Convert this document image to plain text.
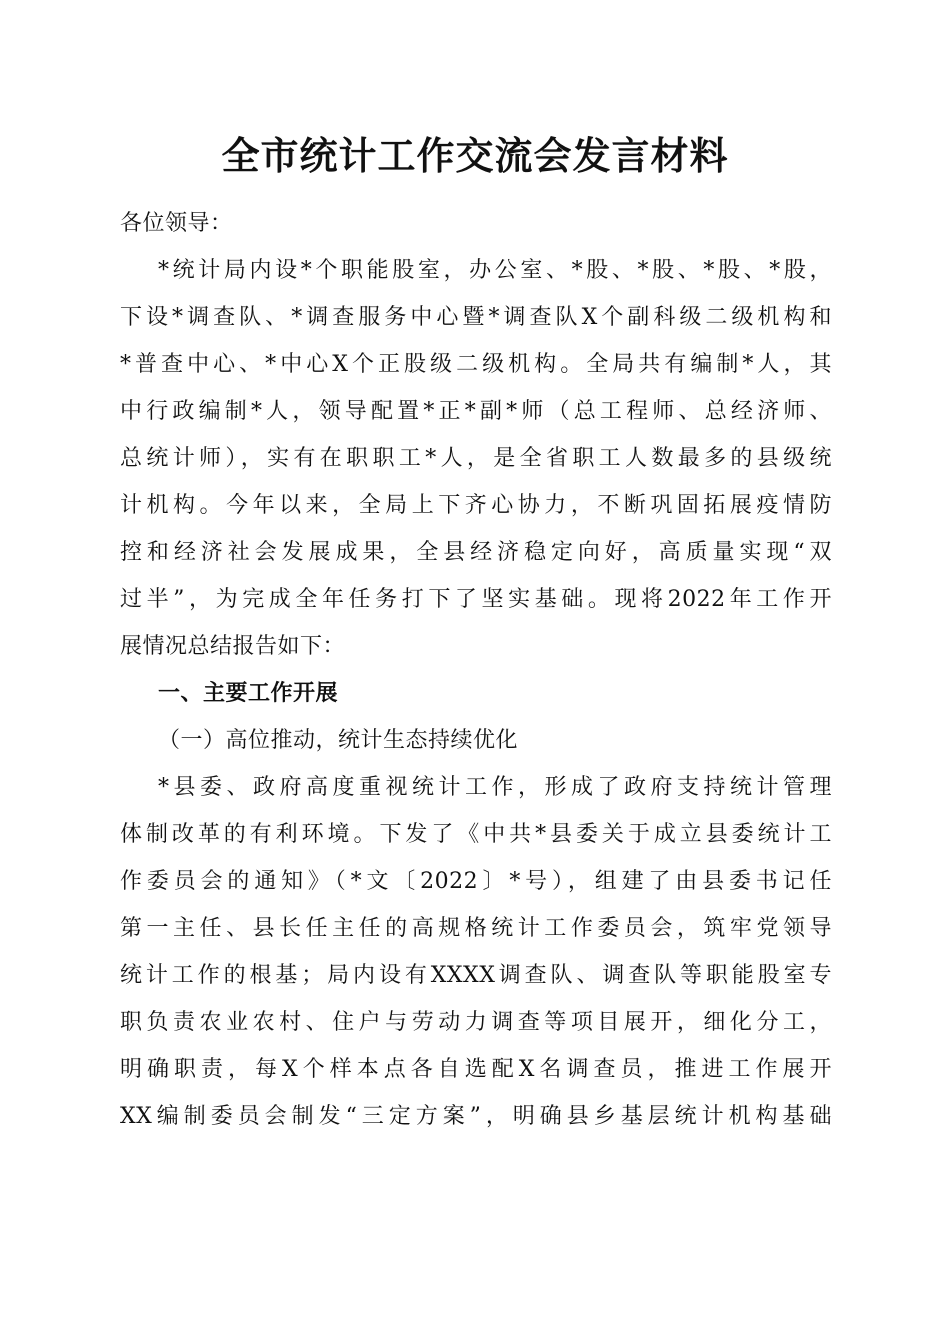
全市统计工作交流会发言材料
各位领导：
*统计局内设*个职能股室，办公室、*股、*股、*股、*股，
下设*调查队、*调查服务中心暨*调查队X个副科级二级机构和
*普查中心、*中心X个正股级二级机构。全局共有编制*人，其
中行政编制*人，领导配置*正*副*师（总工程师、总经济师、
总统计师），实有在职职工*人，是全省职工人数最多的县级统
计机构。今年以来，全局上下齐心协力，不断巩固拓展疫情防
控和经济社会发展成果，全县经济稳定向好，高质量实现“双
过半”，为完成全年任务打下了坚实基础。现将2022年工作开
展情况总结报告如下：
一、主要工作开展
（一）高位推动，统计生态持续优化
*县委、政府高度重视统计工作，形成了政府支持统计管理
体制改革的有利环境。下发了《中共*县委关于成立县委统计工
作委员会的通知》（*文〔2022〕*号），组建了由县委书记任
第一主任、县长任主任的高规格统计工作委员会，筑牢党领导
统计工作的根基；局内设有XXXX调查队、调查队等职能股室专
职负责农业农村、住户与劳动力调查等项目展开，细化分工，
明确职责，每X个样本点各自选配X名调查员，推进工作展开
XX编制委员会制发“三定方案”，明确县乡基层统计机构基础
